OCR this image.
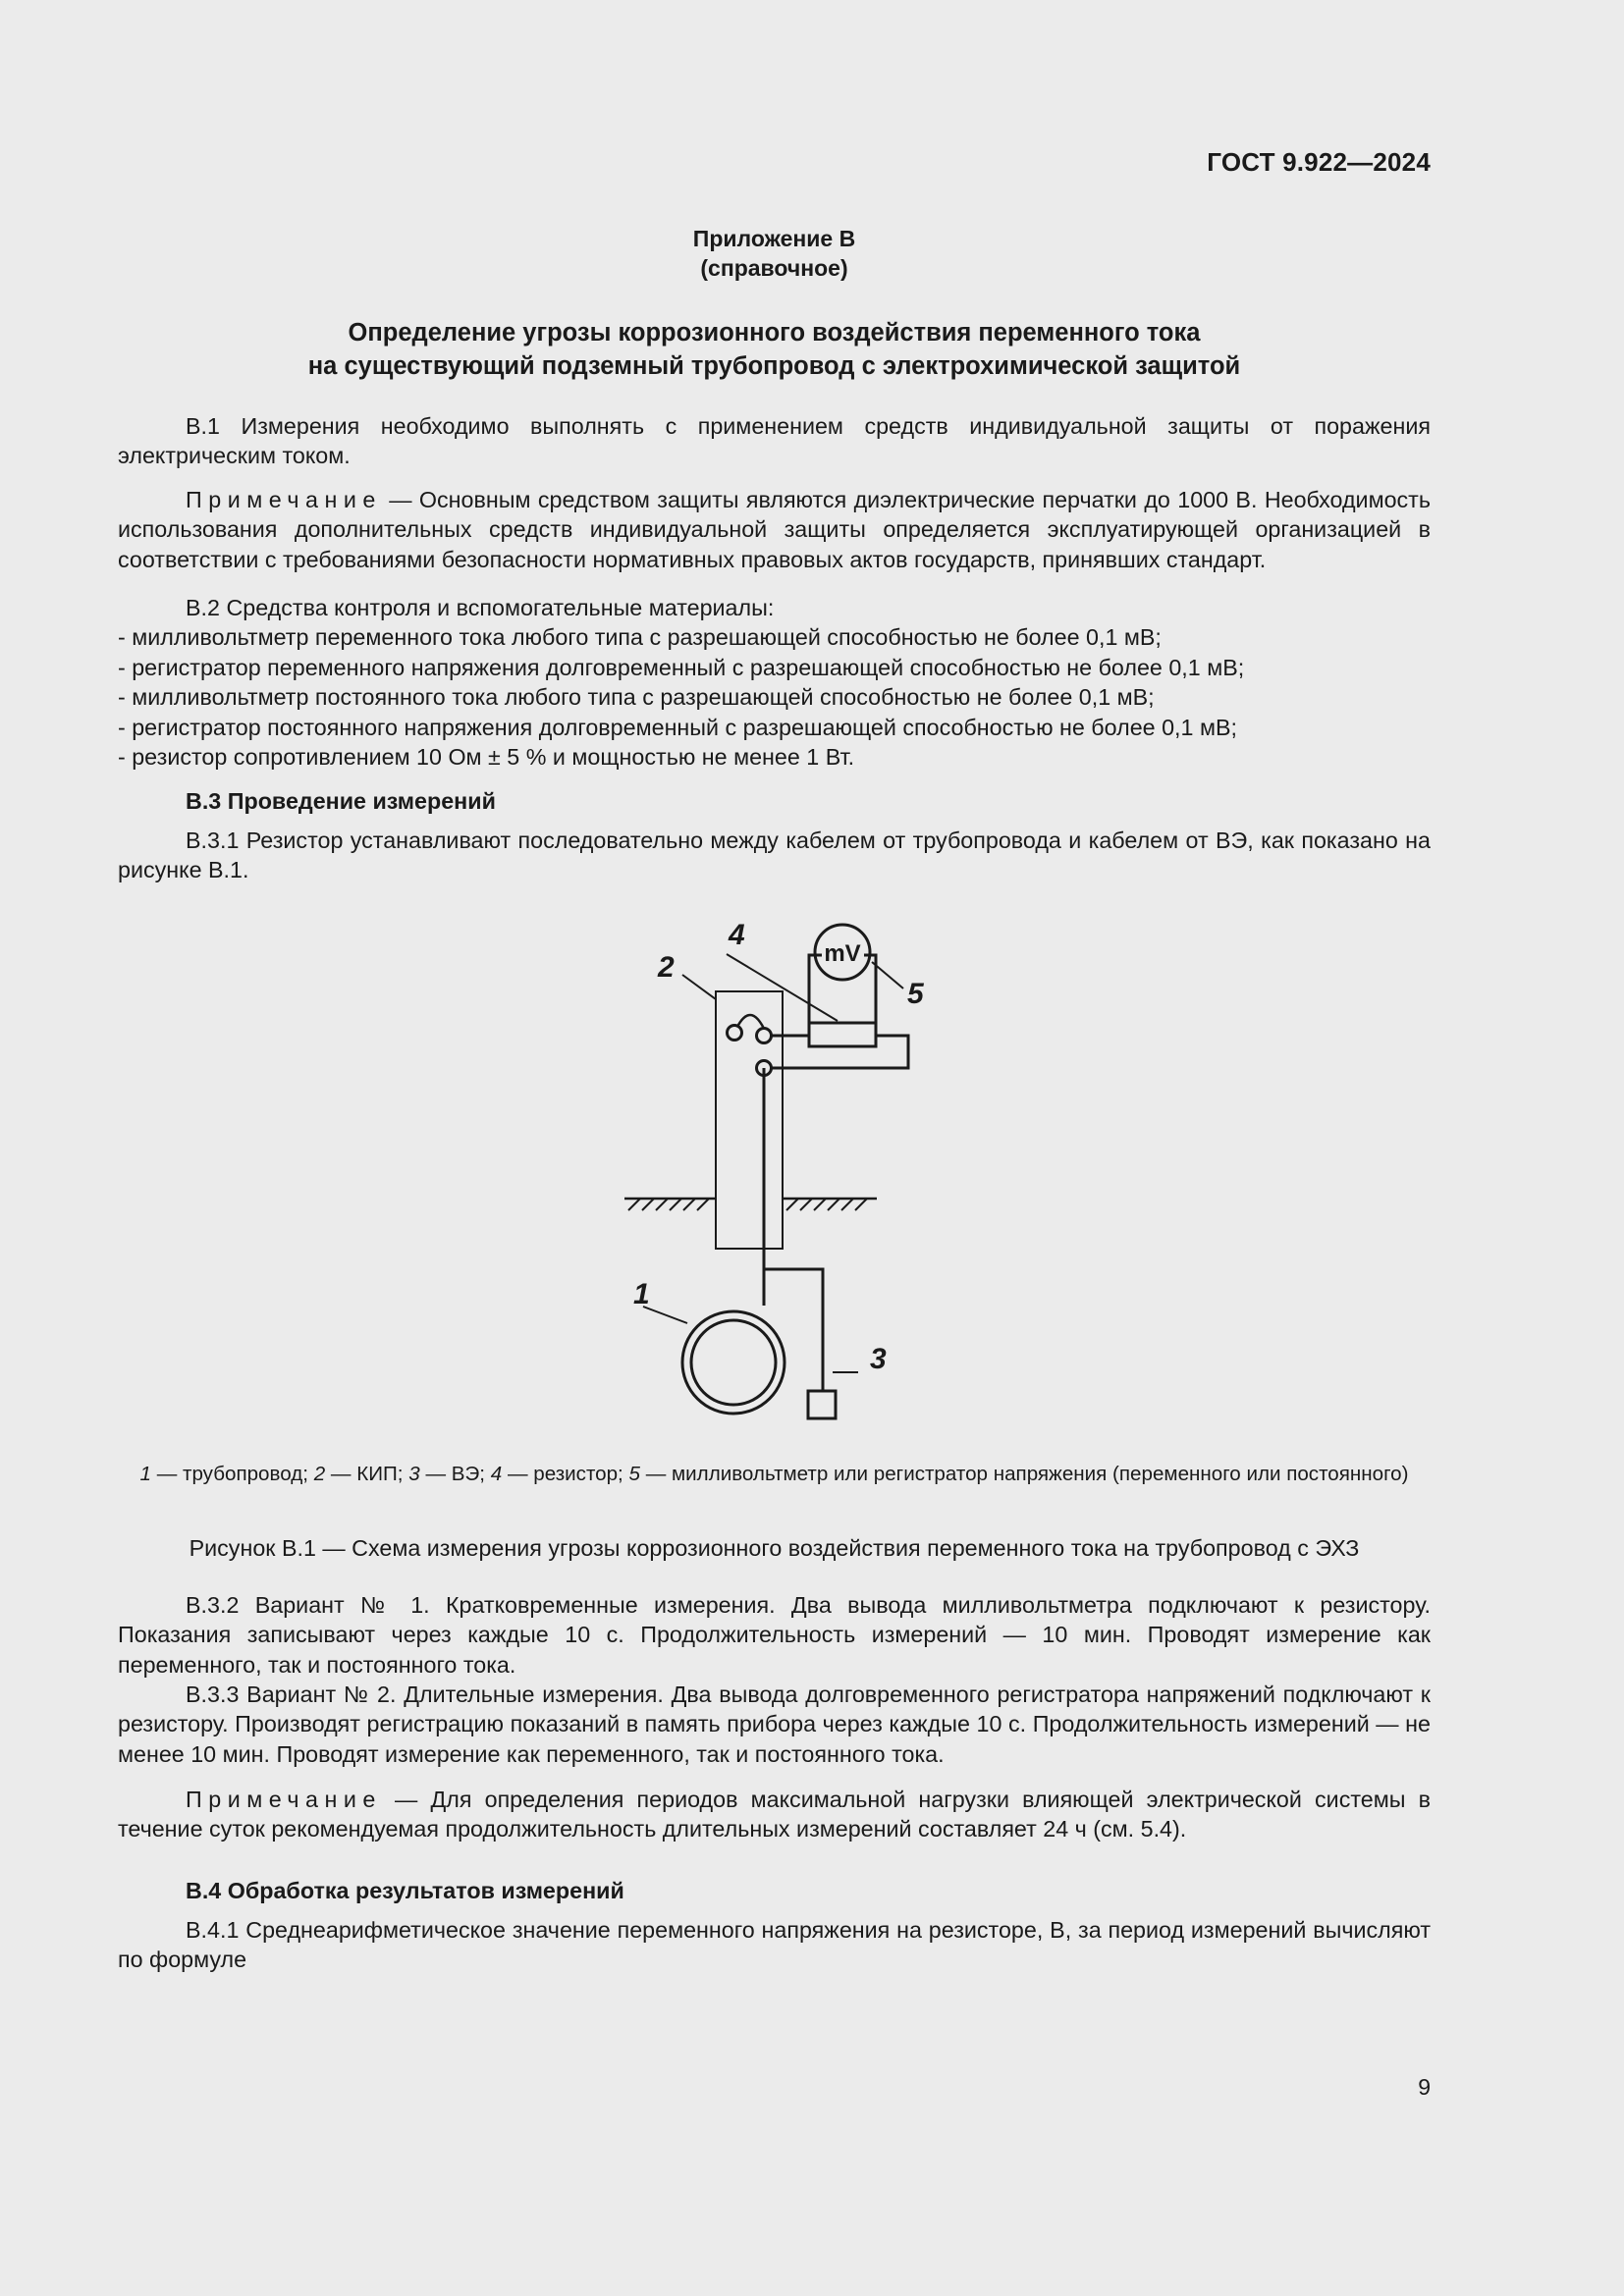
ГОСТ 9.922—2024
Приложение В
(справочное)
Определение угрозы коррозионного воздействия переменного тока
на существующий подземный трубопровод с электрохимической защитой
В.1 Измерения необходимо выполнять с применением средств индивидуальной защиты от поражения электрическим током.
Примечание — Основным средством защиты являются диэлектрические перчатки до 1000 В. Необходимость использования дополнительных средств индивидуальной защиты определяется эксплуатирующей организацией в соответствии с требованиями безопасности нормативных правовых актов государств, принявших стандарт.

В.2 Средства контроля и вспомогательные материалы:

- милливольтметр переменного тока любого типа с разрешающей способностью не более 0,1 мВ;

- регистратор переменного напряжения долговременный с разрешающей способностью не более 0,1 мВ;

- милливольтметр постоянного тока любого типа с разрешающей способностью не более 0,1 мВ;

- регистратор постоянного напряжения долговременный с разрешающей способностью не более 0,1 мВ;

- резистор сопротивлением 10 Ом ± 5 % и мощностью не менее 1 Вт.

В.3 Проведение измерений
В.3.1 Резистор устанавливают последовательно между кабелем от трубопровода и кабелем от ВЭ, как показано на рисунке В.1.
4
2
5
1
3
mV
1 — трубопровод; 2 — КИП; 3 — ВЭ; 4 — резистор; 5 — милливольтметр или регистратор напряжения (переменного или постоянного)
Рисунок В.1 — Схема измерения угрозы коррозионного воздействия переменного тока на трубопровод с ЭХЗ
В.3.2 Вариант № 1. Кратковременные измерения. Два вывода милливольтметра подключают к резистору. Показания записывают через каждые 10 с. Продолжительность измерений — 10 мин. Проводят измерение как переменного, так и постоянного тока.
В.3.3 Вариант № 2. Длительные измерения. Два вывода долговременного регистратора напряжений подключают к резистору. Производят регистрацию показаний в память прибора через каждые 10 с. Продолжительность измерений — не менее 10 мин. Проводят измерение как переменного, так и постоянного тока.
Примечание — Для определения периодов максимальной нагрузки влияющей электрической системы в течение суток рекомендуемая продолжительность длительных измерений составляет 24 ч (см. 5.4).
В.4 Обработка результатов измерений
В.4.1 Среднеарифметическое значение переменного напряжения на резисторе, В, за период измерений вычисляют по формуле
9
